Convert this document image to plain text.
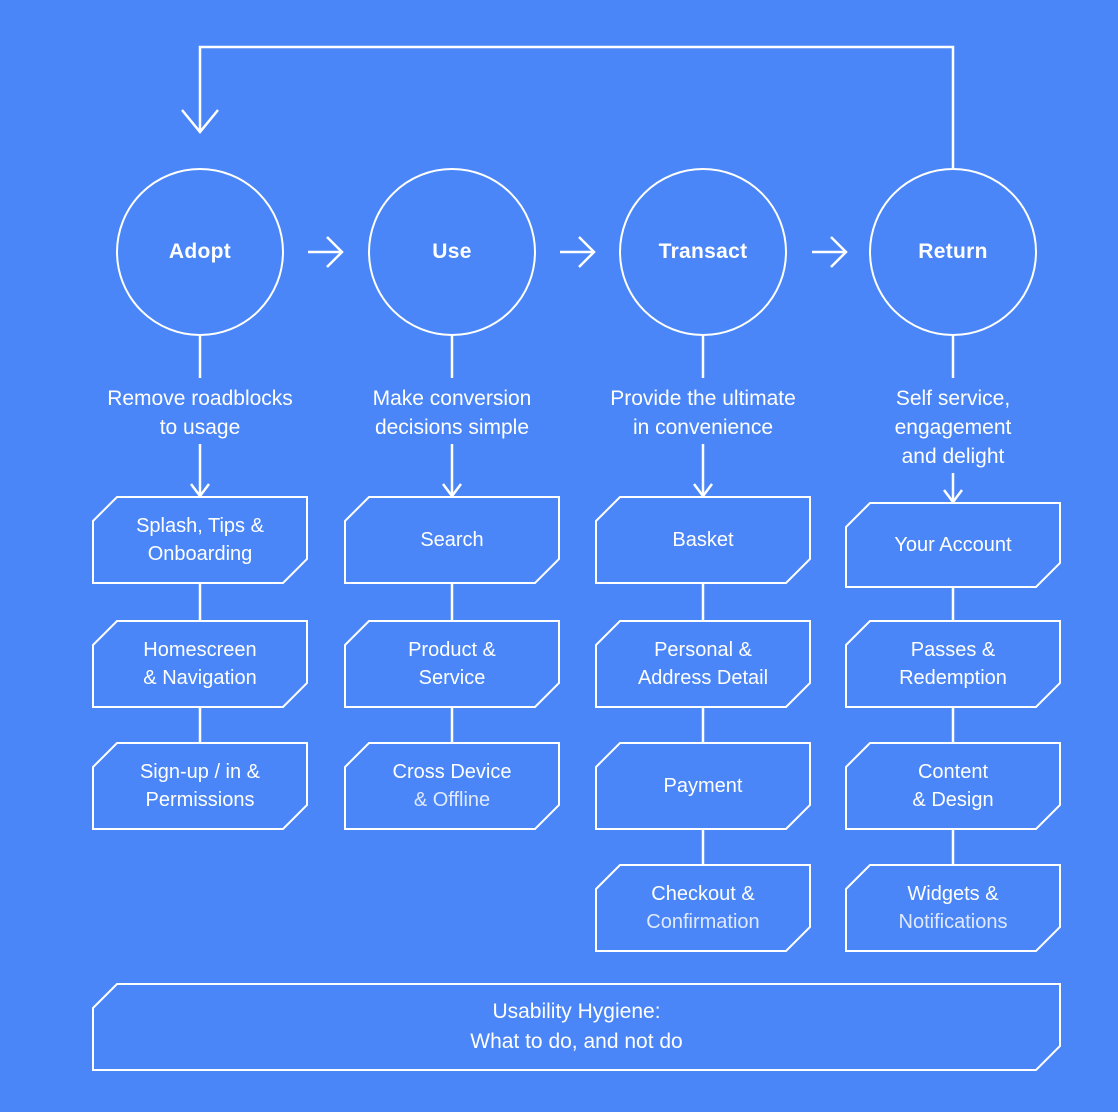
Adopt	Use	Transact	Return
Remove roadblocks
to usage
Make conversion
decisions simple
Provide the ultimate
in convenience
Self service,
engagement
and delight
Splash, Tips &
Onboarding
Homescreen
& Navigation
Sign-up / in &
Permissions
Search
Product &
Service
Cross Device
& Offline
Basket
Personal &
Address Detail
Payment
Checkout &
Confirmation
Your Account
Passes &
Redemption
Content
& Design
Widgets &
Notifications
Usability Hygiene:
What to do, and not do
